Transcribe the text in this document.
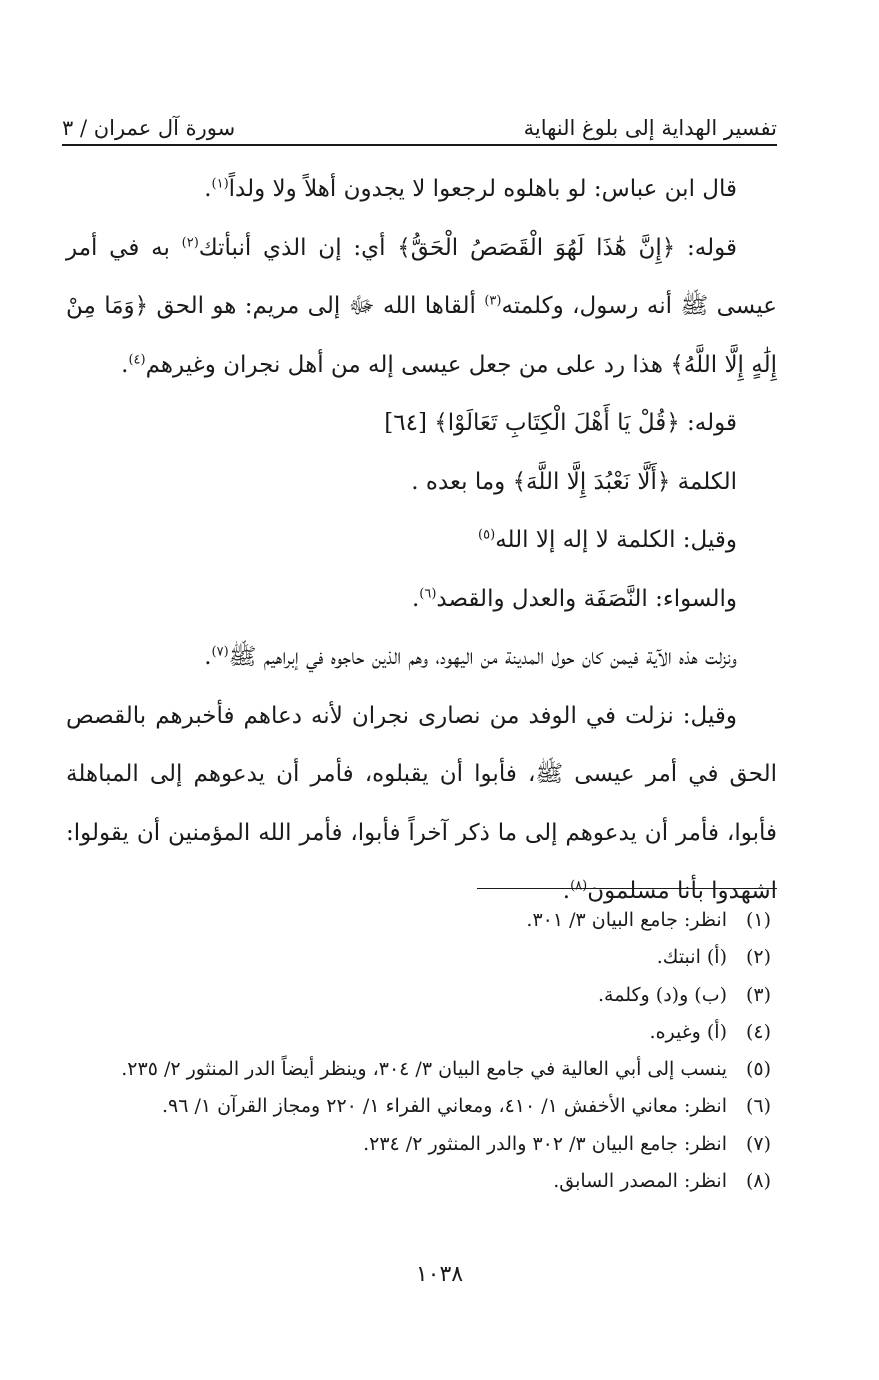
تفسير الهداية إلى بلوغ النهاية
سورة آل عمران / ٣

قال ابن عباس: لو باهلوه لرجعوا لا يجدون أهلاً ولا ولداً$^{(١)}$.

قوله: ﴿إِنَّ هَٰذَا لَهُوَ الْقَصَصُ الْحَقُّ﴾ أي: إن الذي أنبأتك$^{(٢)}$ به في أمر عيسى ﷺ أنه رسول، وكلمته$^{(٣)}$ ألقاها الله ﷻ إلى مريم: هو الحق ﴿وَمَا مِنْ إِلَٰهٍ إِلَّا اللَّهُ﴾ هذا رد على من جعل عيسى إله من أهل نجران وغيرهم$^{(٤)}$.

قوله: ﴿قُلْ يَا أَهْلَ الْكِتَابِ تَعَالَوْا﴾ [٦٤]

الكلمة ﴿أَلَّا نَعْبُدَ إِلَّا اللَّهَ﴾ وما بعده .

وقيل: الكلمة لا إله إلا الله$^{(٥)}$

والسواء: النَّصَفَة والعدل والقصد$^{(٦)}$.

ونزلت هذه الآية فيمن كان حول المدينة من اليهود، وهم الذين حاجوه في إبراهيم ﷺ$^{(٧)}$.

وقيل: نزلت في الوفد من نصارى نجران لأنه دعاهم فأخبرهم بالقصص الحق في أمر عيسى ﷺ، فأبوا أن يقبلوه، فأمر أن يدعوهم إلى المباهلة فأبوا، فأمر أن يدعوهم إلى ما ذكر آخراً فأبوا، فأمر الله المؤمنين أن يقولوا: اشهدوا بأنا مسلمون$^{(٨)}$.

(١)
انظر: جامع البيان ٣/ ٣٠١.
(٢)
(أ) انبتك.
(٣)
(ب) و(د) وكلمة.
(٤)
(أ) وغيره.
(٥)
ينسب إلى أبي العالية في جامع البيان ٣/ ٣٠٤، وينظر أيضاً الدر المنثور ٢/ ٢٣٥.
(٦)
انظر: معاني الأخفش ١/ ٤١٠، ومعاني الفراء ١/ ٢٢٠ ومجاز القرآن ١/ ٩٦.
(٧)
انظر: جامع البيان ٣/ ٣٠٢ والدر المنثور ٢/ ٢٣٤.
(٨)
انظر: المصدر السابق.
١٠٣٨
